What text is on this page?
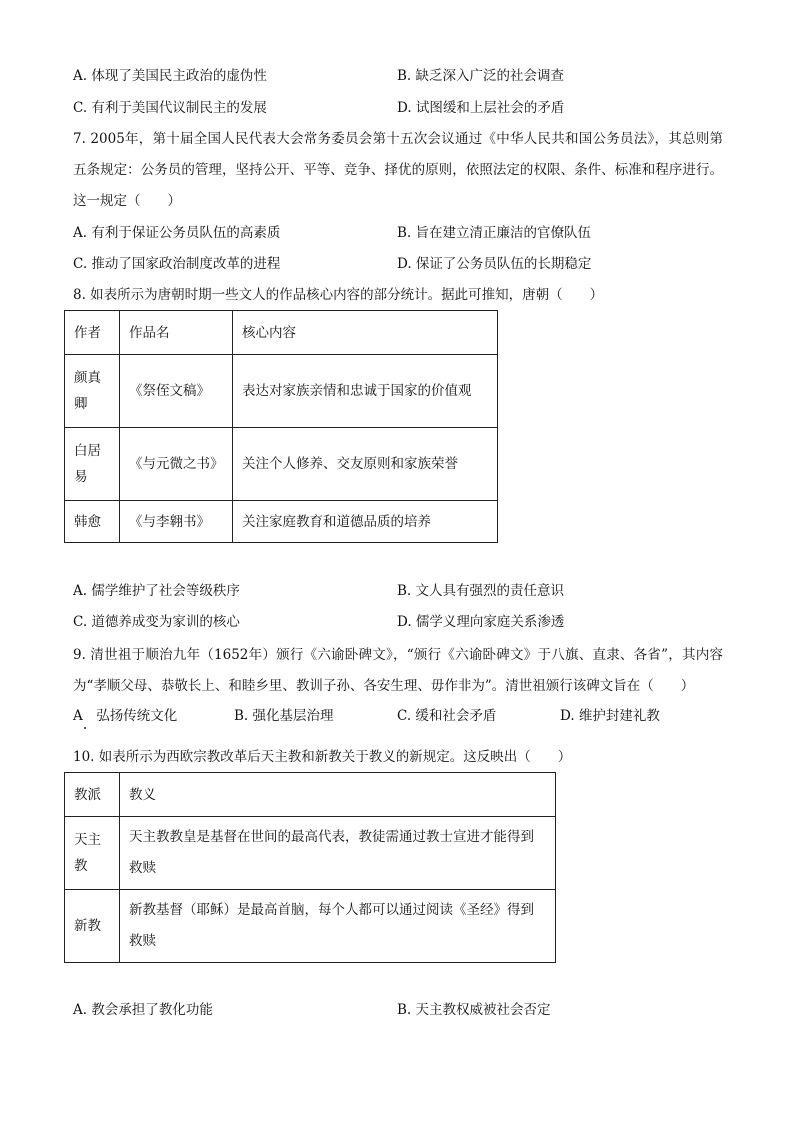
A. 体现了美国民主政治的虚伪性	B. 缺乏深入广泛的社会调查
C. 有利于美国代议制民主的发展	D. 试图缓和上层社会的矛盾
7. 2005年，第十届全国人民代表大会常务委员会第十五次会议通过《中华人民共和国公务员法》，其总则第五条规定：公务员的管理，坚持公开、平等、竞争、择优的原则，依照法定的权限、条件、标准和程序进行。这一规定（　　）
A. 有利于保证公务员队伍的高素质	B. 旨在建立清正廉洁的官僚队伍
C. 推动了国家政治制度改革的进程	D. 保证了公务员队伍的长期稳定
8. 如表所示为唐朝时期一些文人的作品核心内容的部分统计。据此可推知，唐朝（　　）
作者	作品名	核心内容
颜真卿	《祭侄文稿》	表达对家族亲情和忠诚于国家的价值观
白居易	《与元微之书》	关注个人修养、交友原则和家族荣誉
韩愈	《与李翱书》	关注家庭教育和道德品质的培养
A. 儒学维护了社会等级秩序	B. 文人具有强烈的责任意识
C. 道德养成变为家训的核心	D. 儒学义理向家庭关系渗透
9. 清世祖于顺治九年（1652年）颁行《六谕卧碑文》，“颁行《六谕卧碑文》于八旗、直隶、各省”，其内容为“孝顺父母、恭敬长上、和睦乡里、教训子孙、各安生理、毋作非为”。清世祖颁行该碑文旨在（　　）
A　弘扬传统文化	B. 强化基层治理	C. 缓和社会矛盾	D. 维护封建礼教
10. 如表所示为西欧宗教改革后天主教和新教关于教义的新规定。这反映出（　　）
教派	教义
天主教	天主教教皇是基督在世间的最高代表，教徒需通过教士宣进才能得到救赎
新教	新教基督（耶稣）是最高首脑，每个人都可以通过阅读《圣经》得到救赎
A. 教会承担了教化功能	B. 天主教权威被社会否定
